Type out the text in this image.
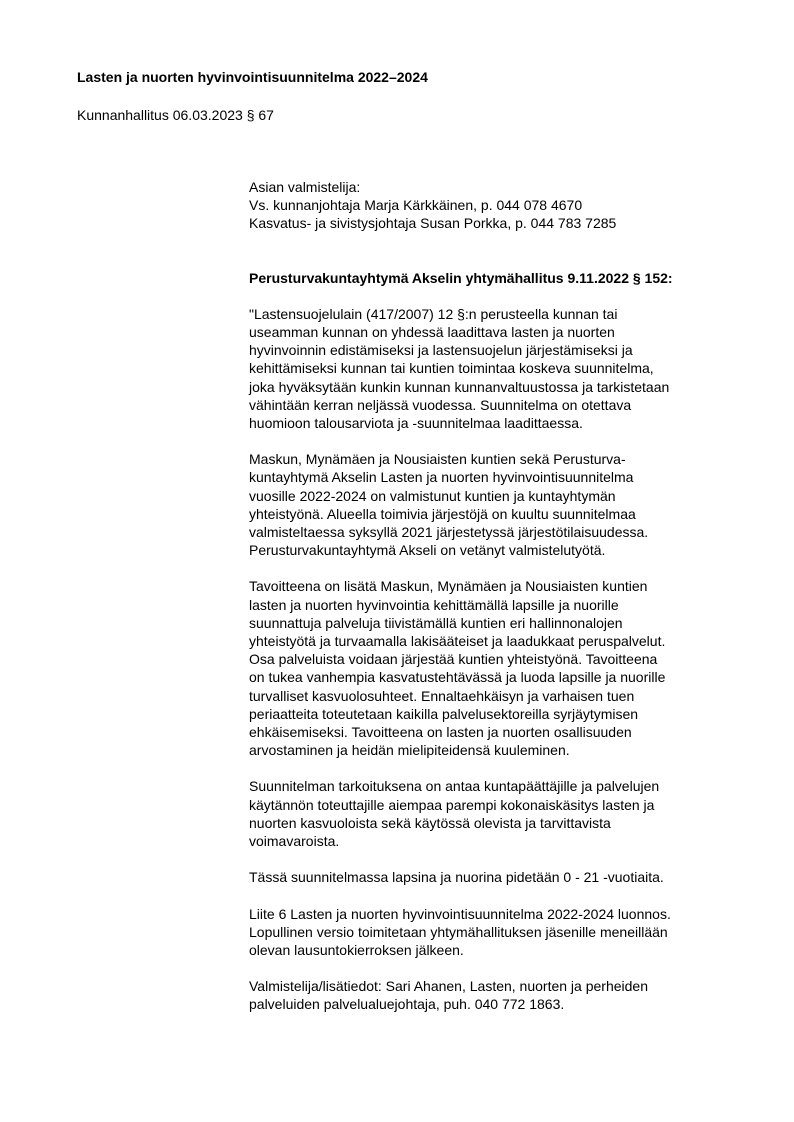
Lasten ja nuorten hyvinvointisuunnitelma 2022–2024
Kunnanhallitus 06.03.2023 § 67
Asian valmistelija:
Vs. kunnanjohtaja Marja Kärkkäinen, p. 044 078 4670
Kasvatus- ja sivistysjohtaja Susan Porkka, p. 044 783 7285
Perusturvakuntayhtymä Akselin yhtymähallitus 9.11.2022 § 152:
"Lastensuojelulain (417/2007) 12 §:n perusteella kunnan tai
useamman kunnan on yhdessä laadittava lasten ja nuorten
hyvinvoinnin edistämiseksi ja lastensuojelun järjestämiseksi ja
kehittämiseksi kunnan tai kuntien toimintaa koskeva suunnitelma,
joka hyväksytään kunkin kunnan kunnanvaltuustossa ja tarkistetaan
vähintään kerran neljässä vuodessa. Suunnitelma on otettava
huomioon talousarviota ja -suunnitelmaa laadittaessa.
Maskun, Mynämäen ja Nousiaisten kuntien sekä Perusturva-
kuntayhtymä Akselin Lasten ja nuorten hyvinvointisuunnitelma
vuosille 2022-2024 on valmistunut kuntien ja kuntayhtymän
yhteistyönä. Alueella toimivia järjestöjä on kuultu suunnitelmaa
valmisteltaessa syksyllä 2021 järjestetyssä järjestötilaisuudessa.
Perusturvakuntayhtymä Akseli on vetänyt valmistelutyötä.
Tavoitteena on lisätä Maskun, Mynämäen ja Nousiaisten kuntien
lasten ja nuorten hyvinvointia kehittämällä lapsille ja nuorille
suunnattuja palveluja tiivistämällä kuntien eri hallinnonalojen
yhteistyötä ja turvaamalla lakisääteiset ja laadukkaat peruspalvelut.
Osa palveluista voidaan järjestää kuntien yhteistyönä. Tavoitteena
on tukea vanhempia kasvatustehtävässä ja luoda lapsille ja nuorille
turvalliset kasvuolosuhteet. Ennaltaehkäisyn ja varhaisen tuen
periaatteita toteutetaan kaikilla palvelusektoreilla syrjäytymisen
ehkäisemiseksi. Tavoitteena on lasten ja nuorten osallisuuden
arvostaminen ja heidän mielipiteidensä kuuleminen.
Suunnitelman tarkoituksena on antaa kuntapäättäjille ja palvelujen
käytännön toteuttajille aiempaa parempi kokonaiskäsitys lasten ja
nuorten kasvuoloista sekä käytössä olevista ja tarvittavista
voimavaroista.
Tässä suunnitelmassa lapsina ja nuorina pidetään 0 - 21 -vuotiaita.
Liite 6 Lasten ja nuorten hyvinvointisuunnitelma 2022-2024 luonnos.
Lopullinen versio toimitetaan yhtymähallituksen jäsenille meneillään
olevan lausuntokierroksen jälkeen.
Valmistelija/lisätiedot: Sari Ahanen, Lasten, nuorten ja perheiden
palveluiden palvelualuejohtaja, puh. 040 772 1863.
